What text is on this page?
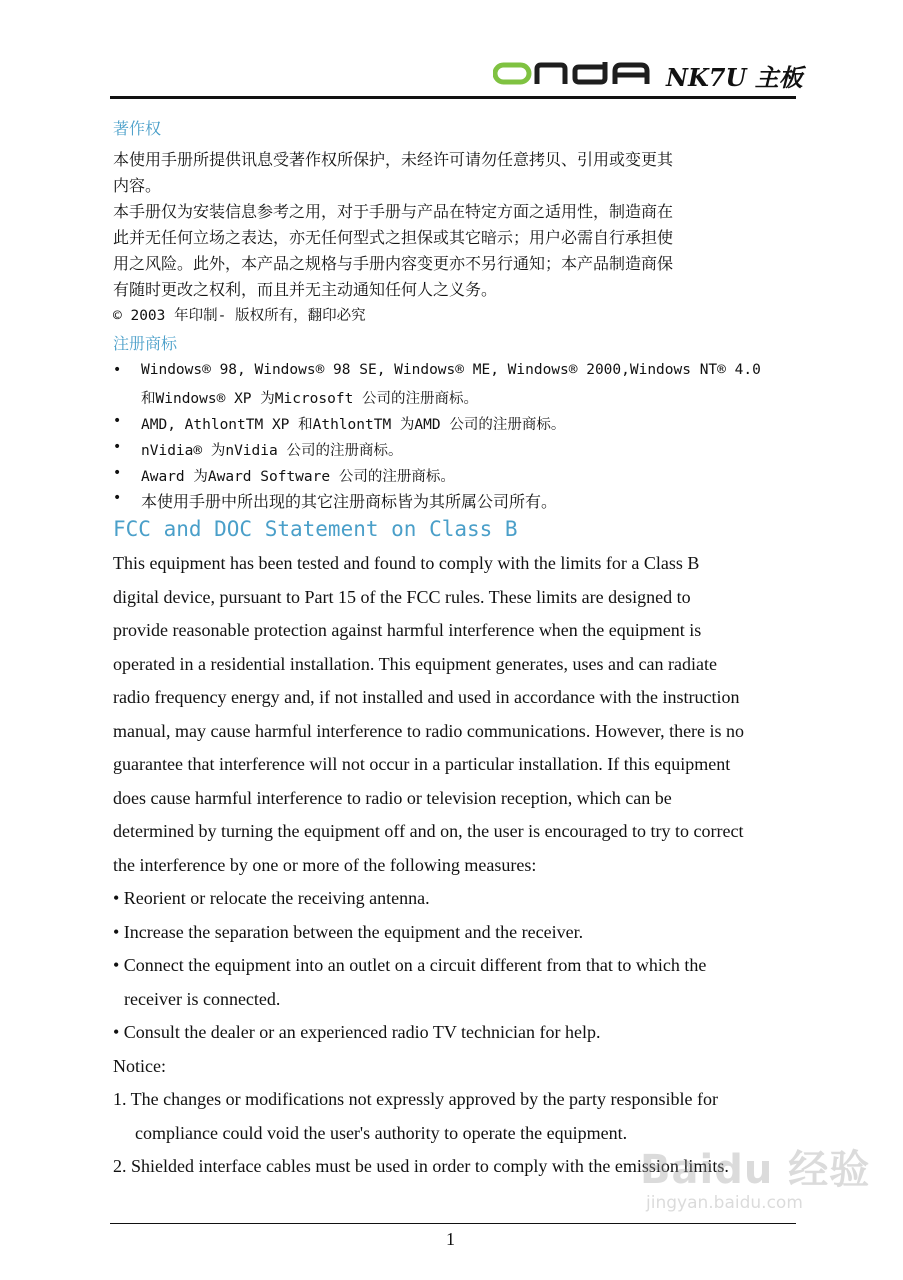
NK7U 主板
著作权
本使用手册所提供讯息受著作权所保护，未经许可请勿任意拷贝、引用或变更其
内容。
本手册仅为安装信息参考之用，对于手册与产品在特定方面之适用性，制造商在
此并无任何立场之表达，亦无任何型式之担保或其它暗示；用户必需自行承担使
用之风险。此外，本产品之规格与手册内容变更亦不另行通知；本产品制造商保
有随时更改之权利，而且并无主动通知任何人之义务。
© 2003 年印制- 版权所有，翻印必究
注册商标
• Windows® 98, Windows® 98 SE, Windows® ME, Windows® 2000,Windows NT® 4.0
和Windows® XP 为Microsoft 公司的注册商标。
• AMD, AthlontTM XP 和AthlontTM 为AMD 公司的注册商标。
• nVidia® 为nVidia 公司的注册商标。
• Award 为Award Software 公司的注册商标。
• 本使用手册中所出现的其它注册商标皆为其所属公司所有。
FCC and DOC Statement on Class B
This equipment has been tested and found to comply with the limits for a Class B
digital device, pursuant to Part 15 of the FCC rules. These limits are designed to
provide reasonable protection against harmful interference when the equipment is
operated in a residential installation. This equipment generates, uses and can radiate
radio frequency energy and, if not installed and used in accordance with the instruction
manual, may cause harmful interference to radio communications. However, there is no
guarantee that interference will not occur in a particular installation. If this equipment
does cause harmful interference to radio or television reception, which can be
determined by turning the equipment off and on, the user is encouraged to try to correct
the interference by one or more of the following measures:
• Reorient or relocate the receiving antenna.
• Increase the separation between the equipment and the receiver.
• Connect the equipment into an outlet on a circuit different from that to which the
receiver is connected.
• Consult the dealer or an experienced radio TV technician for help.
Notice:
1. The changes or modifications not expressly approved by the party responsible for
compliance could void the user's authority to operate the equipment.
2. Shielded interface cables must be used in order to comply with the emission limits.
1
Baidu 经验
jingyan.baidu.com
